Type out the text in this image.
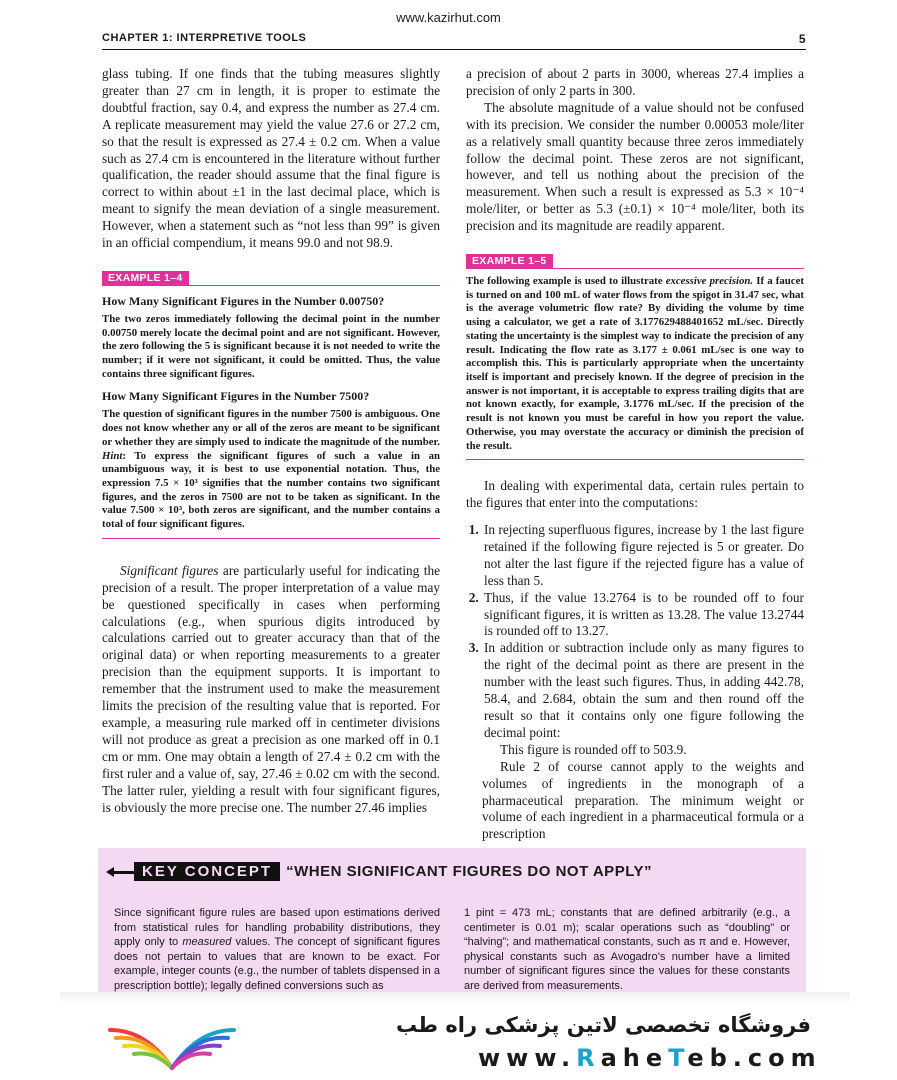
www.kazirhut.com
CHAPTER 1: INTERPRETIVE TOOLS	5

glass tubing. If one finds that the tubing measures slightly greater than 27 cm in length, it is proper to estimate the doubtful fraction, say 0.4, and express the number as 27.4 cm. A replicate measurement may yield the value 27.6 or 27.2 cm, so that the result is expressed as 27.4 ± 0.2 cm. When a value such as 27.4 cm is encountered in the literature without further qualification, the reader should assume that the final figure is correct to within about ±1 in the last decimal place, which is meant to signify the mean deviation of a single measurement. However, when a statement such as “not less than 99” is given in an official compendium, it means 99.0 and not 98.9.

EXAMPLE 1–4
How Many Significant Figures in the Number 0.00750?

The two zeros immediately following the decimal point in the number 0.00750 merely locate the decimal point and are not significant. However, the zero following the 5 is significant because it is not needed to write the number; if it were not significant, it could be omitted. Thus, the value contains three significant figures.

How Many Significant Figures in the Number 7500?

The question of significant figures in the number 7500 is ambiguous. One does not know whether any or all of the zeros are meant to be significant or whether they are simply used to indicate the magnitude of the number. Hint: To express the significant figures of such a value in an unambiguous way, it is best to use exponential notation. Thus, the expression 7.5 × 10³ signifies that the number contains two significant figures, and the zeros in 7500 are not to be taken as significant. In the value 7.500 × 10³, both zeros are significant, and the number contains a total of four significant figures.

Significant figures are particularly useful for indicating the precision of a result. The proper interpretation of a value may be questioned specifically in cases when performing calculations (e.g., when spurious digits introduced by calculations carried out to greater accuracy than that of the original data) or when reporting measurements to a greater precision than the equipment supports. It is important to remember that the instrument used to make the measurement limits the precision of the resulting value that is reported. For example, a measuring rule marked off in centimeter divisions will not produce as great a precision as one marked off in 0.1 cm or mm. One may obtain a length of 27.4 ± 0.2 cm with the first ruler and a value of, say, 27.46 ± 0.02 cm with the second. The latter ruler, yielding a result with four significant figures, is obviously the more precise one. The number 27.46 implies

a precision of about 2 parts in 3000, whereas 27.4 implies a precision of only 2 parts in 300.

The absolute magnitude of a value should not be confused with its precision. We consider the number 0.00053 mole/liter as a relatively small quantity because three zeros immediately follow the decimal point. These zeros are not significant, however, and tell us nothing about the precision of the measurement. When such a result is expressed as 5.3 × 10⁻⁴ mole/liter, or better as 5.3 (±0.1) × 10⁻⁴ mole/liter, both its precision and its magnitude are readily apparent.

EXAMPLE 1–5

The following example is used to illustrate excessive precision. If a faucet is turned on and 100 mL of water flows from the spigot in 31.47 sec, what is the average volumetric flow rate? By dividing the volume by time using a calculator, we get a rate of 3.177629488401652 mL/sec. Directly stating the uncertainty is the simplest way to indicate the precision of any result. Indicating the flow rate as 3.177 ± 0.061 mL/sec is one way to accomplish this. This is particularly appropriate when the uncertainty itself is important and precisely known. If the degree of precision in the answer is not important, it is acceptable to express trailing digits that are not known exactly, for example, 3.1776 mL/sec. If the precision of the result is not known you must be careful in how you report the value. Otherwise, you may overstate the accuracy or diminish the precision of the result.

In dealing with experimental data, certain rules pertain to the figures that enter into the computations:

1. In rejecting superfluous figures, increase by 1 the last figure retained if the following figure rejected is 5 or greater. Do not alter the last figure if the rejected figure has a value of less than 5.
2. Thus, if the value 13.2764 is to be rounded off to four significant figures, it is written as 13.28. The value 13.2744 is rounded off to 13.27.
3. In addition or subtraction include only as many figures to the right of the decimal point as there are present in the number with the least such figures. Thus, in adding 442.78, 58.4, and 2.684, obtain the sum and then round off the result so that it contains only one figure following the decimal point:

This figure is rounded off to 503.9.

Rule 2 of course cannot apply to the weights and volumes of ingredients in the monograph of a pharmaceutical preparation. The minimum weight or volume of each ingredient in a pharmaceutical formula or a prescription

KEY CONCEPT “WHEN SIGNIFICANT FIGURES DO NOT APPLY”
Since significant figure rules are based upon estimations derived from statistical rules for handling probability distributions, they apply only to measured values. The concept of significant figures does not pertain to values that are known to be exact. For example, integer counts (e.g., the number of tablets dispensed in a prescription bottle); legally defined conversions such as
1 pint = 473 mL; constants that are defined arbitrarily (e.g., a centimeter is 0.01 m); scalar operations such as “doubling” or “halving”; and mathematical constants, such as π and e. However, physical constants such as Avogadro’s number have a limited number of significant figures since the values for these constants are derived from measurements.
فروشگاه تخصصی لاتین پزشکی راه طب
www.RaheTeb.com
